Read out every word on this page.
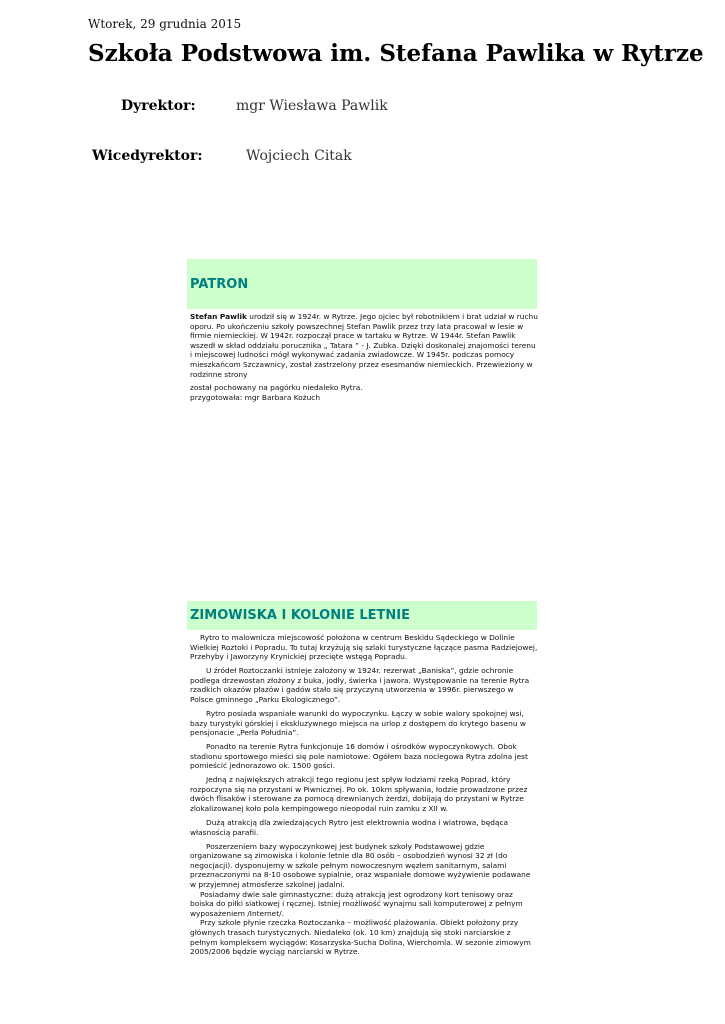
Wtorek, 29 grudnia 2015
Szkoła Podstwowa im. Stefana Pawlika w Rytrze
Dyrektor:	mgr Wiesława Pawlik
Wicedyrektor:	Wojciech Citak
PATRON

Stefan Pawlik urodził się w 1924r. w Rytrze. Jego ojciec był robotnikiem i brat udział w ruchu oporu. Po ukończeniu szkoły powszechnej Stefan Pawlik przez trzy lata pracował w lesie w firmie niemieckiej. W 1942r. rozpoczął prace w tartaku w Rytrze. W 1944r. Stefan Pawlik wszedł w skład oddziału porucznika „ Tatara ” - J. Zubka. Dzięki doskonalej znajomości terenu i miejscowej ludności mógł wykonywać zadania zwiadowcze. W 1945r. podczas pomocy mieszkańcom Szczawnicy, został zastrzelony przez esesmanów niemieckich. Przewieziony w rodzinne strony

został pochowany na pagórku niedaleko Rytra.

przygotowała: mgr Barbara Kożuch

ZIMOWISKA I KOLONIE LETNIE

Rytro to malownicza miejscowość położona w centrum Beskidu Sądeckiego w Dolinie Wielkiej Roztoki i Popradu. To tutaj krzyżują się szlaki turystyczne łączące pasma Radziejowej, Przehyby i Jaworzyny Krynickiej przecięte wstęgą Popradu.

U źródeł Roztoczanki istnieje założony w 1924r. rezerwat „Baniska”, gdzie ochronie podlega drzewostan złożony z buka, jodły, świerka i jawora. Występowanie na terenie Rytra rzadkich okazów płazów i gadów stało się przyczyną utworzenia w 1996r. pierwszego w Polsce gminnego „Parku Ekologicznego”.

Rytro posiada wspaniałe warunki do wypoczynku. Łączy w sobie walory spokojnej wsi, bazy turystyki górskiej i ekskluzywnego miejsca na urlop z dostępem do krytego basenu w pensjonacie „Perła Południa”.

Ponadto na terenie Rytra funkcjonuje 16 domów i ośrodków wypoczynkowych. Obok stadionu sportowego mieści się pole namiotowe. Ogółem baza noclegowa Rytra zdolna jest pomieścić jednorazowo ok. 1500 gości.

Jedną z największych atrakcji tego regionu jest spływ łodziami rzeką Poprad, który rozpoczyna się na przystani w Piwnicznej. Po ok. 10km spływania, łodzie prowadzone przez dwóch flisaków i sterowane za pomocą drewnianych żerdzi, dobijają do przystani w Rytrze zlokalizowanej koło pola kempingowego nieopodal ruin zamku z XII w.

Dużą atrakcją dla zwiedzających Rytro jest elektrownia wodna i wiatrowa, będąca własnością parafii.

Poszerzeniem bazy wypoczynkowej jest budynek szkoły Podstawowej gdzie organizowane są zimowiska i kolonie letnie dla 80 osób – osobodzień wynosi 32 zł (do negocjacji). dysponujemy w szkole pełnym nowoczesnym węzłem sanitarnym, salami przeznaczonymi na 8-10 osobowe sypialnie, oraz wspaniałe domowe wyżywienie podawane w przyjemnej atmosferze szkolnej jadalni.

Posiadamy dwie sale gimnastyczne: dużą atrakcją jest ogrodzony kort tenisowy oraz boiska do piłki siatkowej i ręcznej. Istniej możliwość wynajmu sali komputerowej z pełnym wyposażeniem /Internet/.

Przy szkole płynie rzeczka Roztoczanka – możliwość plażowania. Obiekt położony przy głównych trasach turystycznych. Niedaleko (ok. 10 km) znajdują się stoki narciarskie z pełnym kompleksem wyciągów: Kosarzyska-Sucha Dolina, Wierchomla. W sezonie zimowym 2005/2006 będzie wyciąg narciarski w Rytrze.
